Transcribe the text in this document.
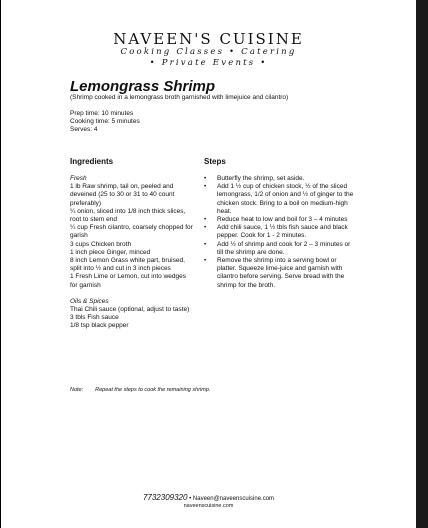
NAVEEN'S CUISINE
Cooking Classes • Catering
• Private Events •
Lemongrass Shrimp
(Shrimp cooked in a lemongrass broth garnished with limejuice and cilantro)
Prep time: 10 minutes
Cooking time: 5 minutes
Serves: 4
Ingredients	Steps
Fresh
1 lb Raw shrimp, tail on, peeled and deveined (25 to 30 or 31 to 40 count preferably)
¼ onion, sliced into 1/8 inch thick slices, root to stem end
¼ cup Fresh cilantro, coarsely chopped for garish
3 cups Chicken broth
1 inch piece Ginger, minced
8 inch Lemon Grass white part, bruised, split into ½ and cut in 3 inch pieces
1 Fresh Lime or Lemon, cut into wedges for garnish
Oils & Spices
Thai Chili sauce (optional, adjust to taste)
3 tbls Fish sauce
1/8 tsp black pepper
• Butterfly the shrimp, set aside.
• Add 1 ½ cup of chicken stock, ½ of the sliced lemongrass, 1/2 of onion and ½ of ginger to the chicken stock. Bring to a boil on medium-high heat.
• Reduce heat to low and boil for 3 – 4 minutes
• Add chili sauce, 1 ½ tbls fish sauce and black pepper. Cook for 1 - 2 minutes.
• Add ½ of shrimp and cook for 2 – 3 minutes or till the shrimp are done.
• Remove the shrimp into a serving bowl or platter. Squeeze lime-juice and garnish with cilantro before serving. Serve bread with the shrimp for the broth.
Note: Repeat the steps to cook the remaining shrimp.
7732309320 • Naveen@naveenscuisine.com
naveenscuisine.com
